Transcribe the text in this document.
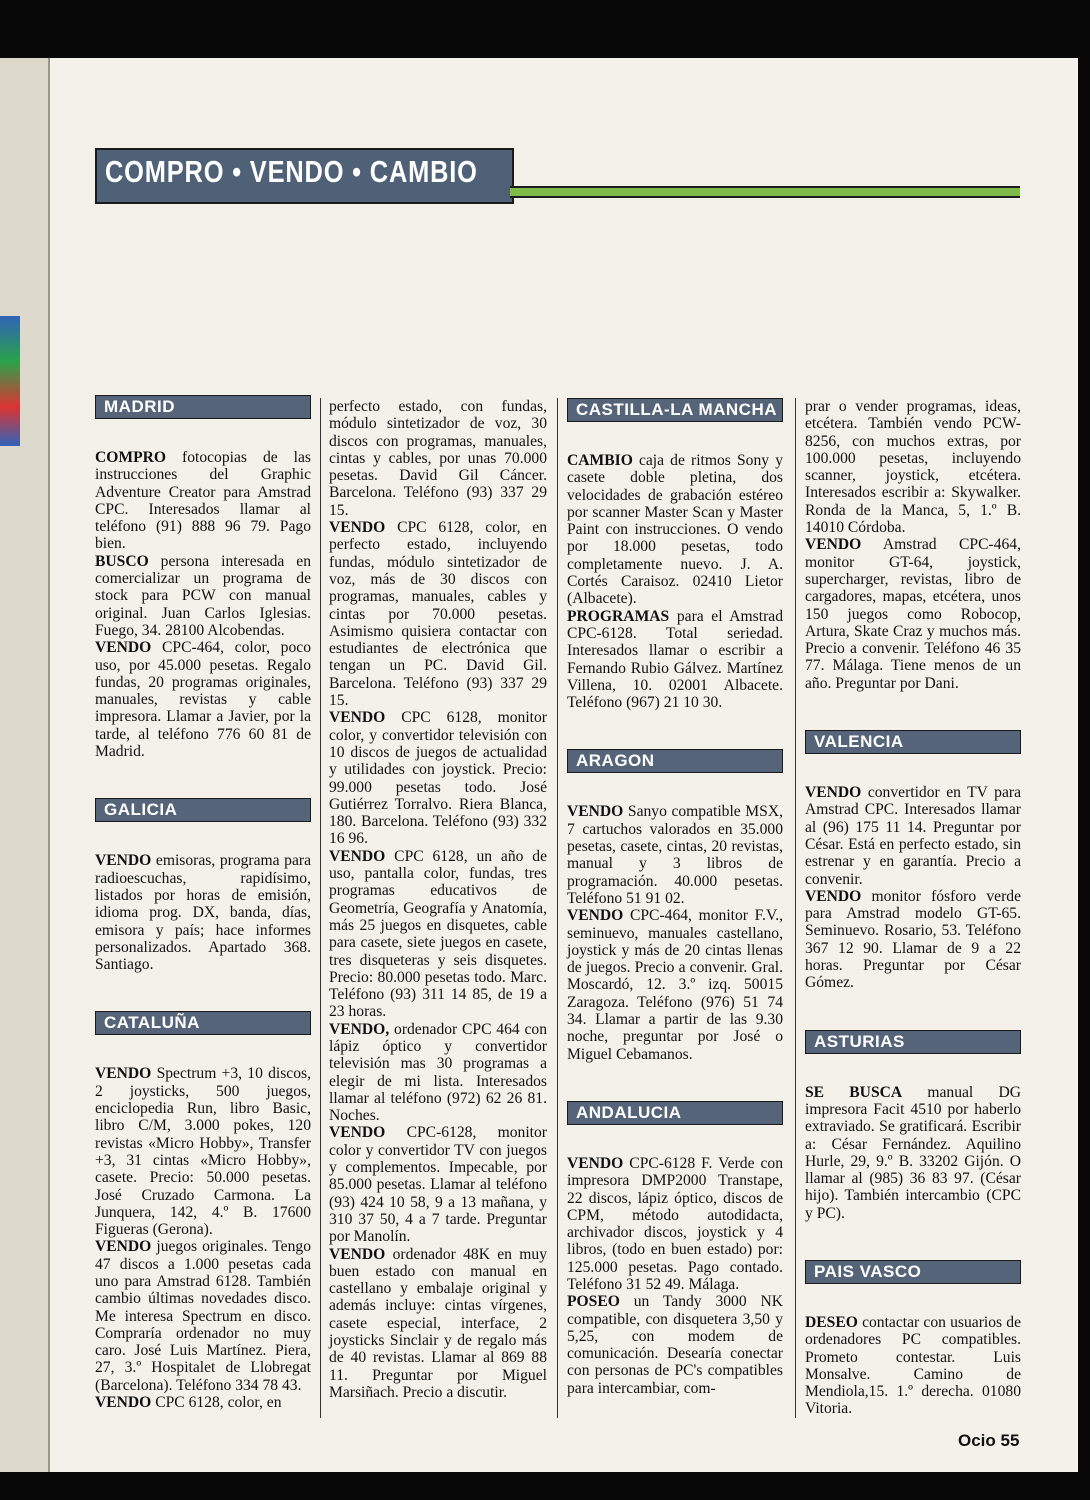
COMPRO • VENDO • CAMBIO
MADRID

COMPRO fotocopias de las instrucciones del Graphic Adventure Creator para Amstrad CPC. Interesados llamar al teléfono (91) 888 96 79. Pago bien.

BUSCO persona interesada en comercializar un programa de stock para PCW con manual original. Juan Carlos Iglesias. Fuego, 34. 28100 Alcobendas.

VENDO CPC-464, color, poco uso, por 45.000 pesetas. Regalo fundas, 20 programas originales, manuales, revistas y cable impresora. Llamar a Javier, por la tarde, al teléfono 776 60 81 de Madrid.

GALICIA

VENDO emisoras, programa para radioescuchas, rapidísimo, listados por horas de emisión, idioma prog. DX, banda, días, emisora y país; hace informes personalizados. Apartado 368. Santiago.

CATALUÑA

VENDO Spectrum +3, 10 discos, 2 joysticks, 500 juegos, enciclopedia Run, libro Basic, libro C/M, 3.000 pokes, 120 revistas «Micro Hobby», Transfer +3, 31 cintas «Micro Hobby», casete. Precio: 50.000 pesetas. José Cruzado Carmona. La Junquera, 142, 4.º B. 17600 Figueras (Gerona).

VENDO juegos originales. Tengo 47 discos a 1.000 pesetas cada uno para Amstrad 6128. También cambio últimas novedades disco. Me interesa Spectrum en disco. Compraría ordenador no muy caro. José Luis Martínez. Piera, 27, 3.º Hospitalet de Llobregat (Barcelona). Teléfono 334 78 43.

VENDO CPC 6128, color, en

perfecto estado, con fundas, módulo sintetizador de voz, 30 discos con programas, manuales, cintas y cables, por unas 70.000 pesetas. David Gil Cáncer. Barcelona. Teléfono (93) 337 29 15.

VENDO CPC 6128, color, en perfecto estado, incluyendo fundas, módulo sintetizador de voz, más de 30 discos con programas, manuales, cables y cintas por 70.000 pesetas. Asimismo quisiera contactar con estudiantes de electrónica que tengan un PC. David Gil. Barcelona. Teléfono (93) 337 29 15.

VENDO CPC 6128, monitor color, y convertidor televisión con 10 discos de juegos de actualidad y utilidades con joystick. Precio: 99.000 pesetas todo. José Gutiérrez Torralvo. Riera Blanca, 180. Barcelona. Teléfono (93) 332 16 96.

VENDO CPC 6128, un año de uso, pantalla color, fundas, tres programas educativos de Geometría, Geografía y Anatomía, más 25 juegos en disquetes, cable para casete, siete juegos en casete, tres disqueteras y seis disquetes. Precio: 80.000 pesetas todo. Marc. Teléfono (93) 311 14 85, de 19 a 23 horas.

VENDO, ordenador CPC 464 con lápiz óptico y convertidor televisión mas 30 programas a elegir de mi lista. Interesados llamar al teléfono (972) 62 26 81. Noches.

VENDO CPC-6128, monitor color y convertidor TV con juegos y complementos. Impecable, por 85.000 pesetas. Llamar al teléfono (93) 424 10 58, 9 a 13 mañana, y 310 37 50, 4 a 7 tarde. Preguntar por Manolín.

VENDO ordenador 48K en muy buen estado con manual en castellano y embalaje original y además incluye: cintas vírgenes, casete especial, interface, 2 joysticks Sinclair y de regalo más de 40 revistas. Llamar al 869 88 11. Preguntar por Miguel Marsiñach. Precio a discutir.

CASTILLA-LA MANCHA

CAMBIO caja de ritmos Sony y casete doble pletina, dos velocidades de grabación estéreo por scanner Master Scan y Master Paint con instrucciones. O vendo por 18.000 pesetas, todo completamente nuevo. J. A. Cortés Caraisoz. 02410 Lietor (Albacete).

PROGRAMAS para el Amstrad CPC-6128. Total seriedad. Interesados llamar o escribir a Fernando Rubio Gálvez. Martínez Villena, 10. 02001 Albacete. Teléfono (967) 21 10 30.

ARAGON

VENDO Sanyo compatible MSX, 7 cartuchos valorados en 35.000 pesetas, casete, cintas, 20 revistas, manual y 3 libros de programación. 40.000 pesetas. Teléfono 51 91 02.

VENDO CPC-464, monitor F.V., seminuevo, manuales castellano, joystick y más de 20 cintas llenas de juegos. Precio a convenir. Gral. Moscardó, 12. 3.º izq. 50015 Zaragoza. Teléfono (976) 51 74 34. Llamar a partir de las 9.30 noche, preguntar por José o Miguel Cebamanos.

ANDALUCIA

VENDO CPC-6128 F. Verde con impresora DMP2000 Transtape, 22 discos, lápiz óptico, discos de CPM, método autodidacta, archivador discos, joystick y 4 libros, (todo en buen estado) por: 125.000 pesetas. Pago contado. Teléfono 31 52 49. Málaga.

POSEO un Tandy 3000 NK compatible, con disquetera 3,50 y 5,25, con modem de comunicación. Desearía conectar con personas de PC's compatibles para intercambiar, com-

prar o vender programas, ideas, etcétera. También vendo PCW-8256, con muchos extras, por 100.000 pesetas, incluyendo scanner, joystick, etcétera. Interesados escribir a: Skywalker. Ronda de la Manca, 5, 1.º B. 14010 Córdoba.

VENDO Amstrad CPC-464, monitor GT-64, joystick, supercharger, revistas, libro de cargadores, mapas, etcétera, unos 150 juegos como Robocop, Artura, Skate Craz y muchos más. Precio a convenir. Teléfono 46 35 77. Málaga. Tiene menos de un año. Preguntar por Dani.

VALENCIA

VENDO convertidor en TV para Amstrad CPC. Interesados llamar al (96) 175 11 14. Preguntar por César. Está en perfecto estado, sin estrenar y en garantía. Precio a convenir.

VENDO monitor fósforo verde para Amstrad modelo GT-65. Seminuevo. Rosario, 53. Teléfono 367 12 90. Llamar de 9 a 22 horas. Preguntar por César Gómez.

ASTURIAS

SE BUSCA manual DG impresora Facit 4510 por haberlo extraviado. Se gratificará. Escribir a: César Fernández. Aquilino Hurle, 29, 9.º B. 33202 Gijón. O llamar al (985) 36 83 97. (César hijo). También intercambio (CPC y PC).

PAIS VASCO

DESEO contactar con usuarios de ordenadores PC compatibles. Prometo contestar. Luis Monsalve. Camino de Mendiola,15. 1.º derecha. 01080 Vitoria.

Ocio 55
